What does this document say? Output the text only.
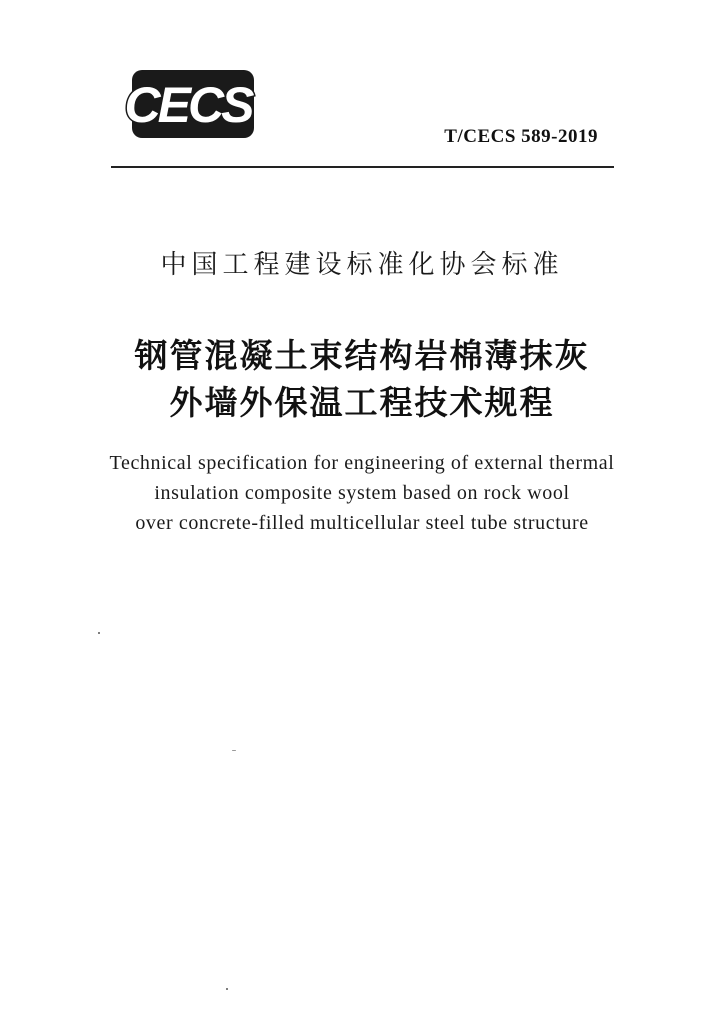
CECS
T/CECS 589-2019
中国工程建设标准化协会标准
钢管混凝土束结构岩棉薄抹灰
外墙外保温工程技术规程
Technical specification for engineering of external thermal
insulation composite system based on rock wool
over concrete-filled multicellular steel tube structure
